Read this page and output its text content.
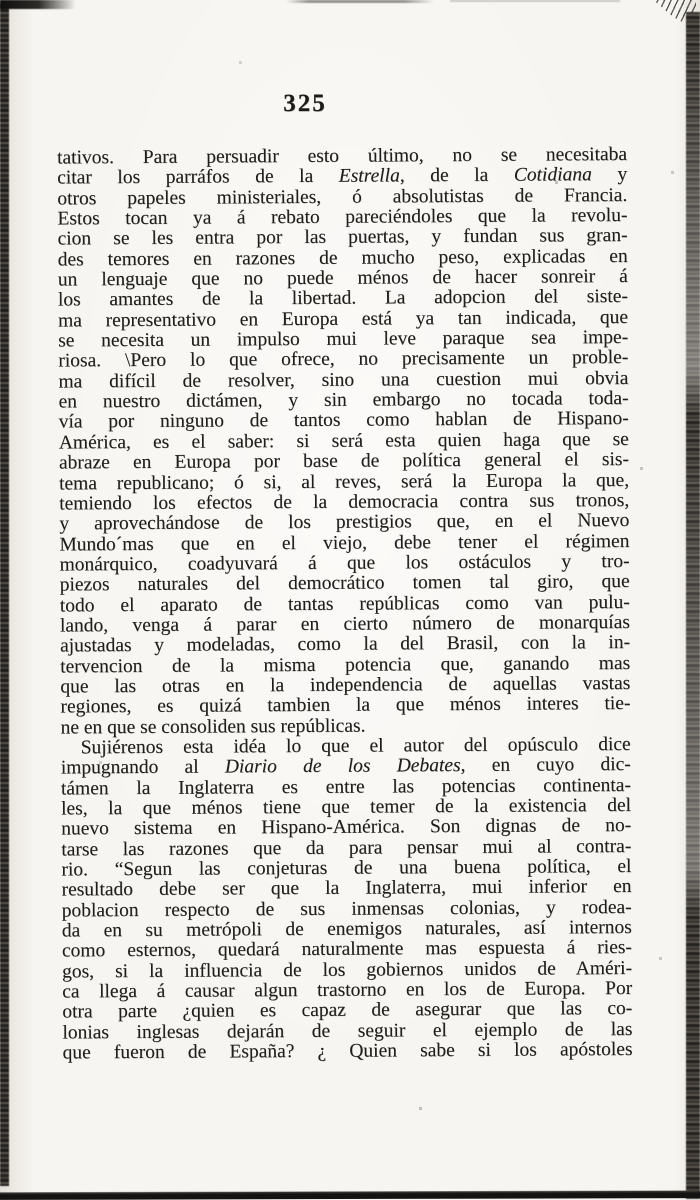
325
tativos. Para persuadir esto último, no se necesitaba
citar los parráfos de la Estrella, de la Cotidiana y
otros papeles ministeriales, ó absolutistas de Francia.
Estos tocan ya á rebato pareciéndoles que la revolu-
cion se les entra por las puertas, y fundan sus gran-
des temores en razones de mucho peso, explicadas en
un lenguaje que no puede ménos de hacer sonreir á
los amantes de la libertad. La adopcion del siste-
ma representativo en Europa está ya tan indicada, que
se necesita un impulso mui leve paraque sea impe-
riosa. \Pero lo que ofrece, no precisamente un proble-
ma difícil de resolver, sino una cuestion mui obvia
en nuestro dictámen, y sin embargo no tocada toda-
vía por ninguno de tantos como hablan de Hispano-
América, es el saber: si será esta quien haga que se
abraze en Europa por base de política general el sis-
tema republicano; ó si, al reves, será la Europa la que,
temiendo los efectos de la democracia contra sus tronos,
y aprovechándose de los prestigios que, en el Nuevo
Mundo´mas que en el viejo, debe tener el régimen
monárquico, coadyuvará á que los ostáculos y tro-
piezos naturales del democrático tomen tal giro, que
todo el aparato de tantas repúblicas como van pulu-
lando, venga á parar en cierto número de monarquías
ajustadas y modeladas, como la del Brasil, con la in-
tervencion de la misma potencia que, ganando mas
que las otras en la independencia de aquellas vastas
regiones, es quizá tambien la que ménos interes tie-
ne en que se consoliden sus repúblicas.
Sujiérenos esta idéa lo que el autor del opúsculo dice
impugnando al Diario de los Debates, en cuyo dic-
támen la Inglaterra es entre las potencias continenta-
les, la que ménos tiene que temer de la existencia del
nuevo sistema en Hispano-América. Son dignas de no-
tarse las razones que da para pensar mui al contra-
rio. “Segun las conjeturas de una buena política, el
resultado debe ser que la Inglaterra, mui inferior en
poblacion respecto de sus inmensas colonias, y rodea-
da en su metrópoli de enemigos naturales, así internos
como esternos, quedará naturalmente mas espuesta á ries-
gos, si la influencia de los gobiernos unidos de Améri-
ca llega á causar algun trastorno en los de Europa. Por
otra parte ¿quien es capaz de asegurar que las co-
lonias inglesas dejarán de seguir el ejemplo de las
que fueron de España? ¿ Quien sabe si los apóstoles
